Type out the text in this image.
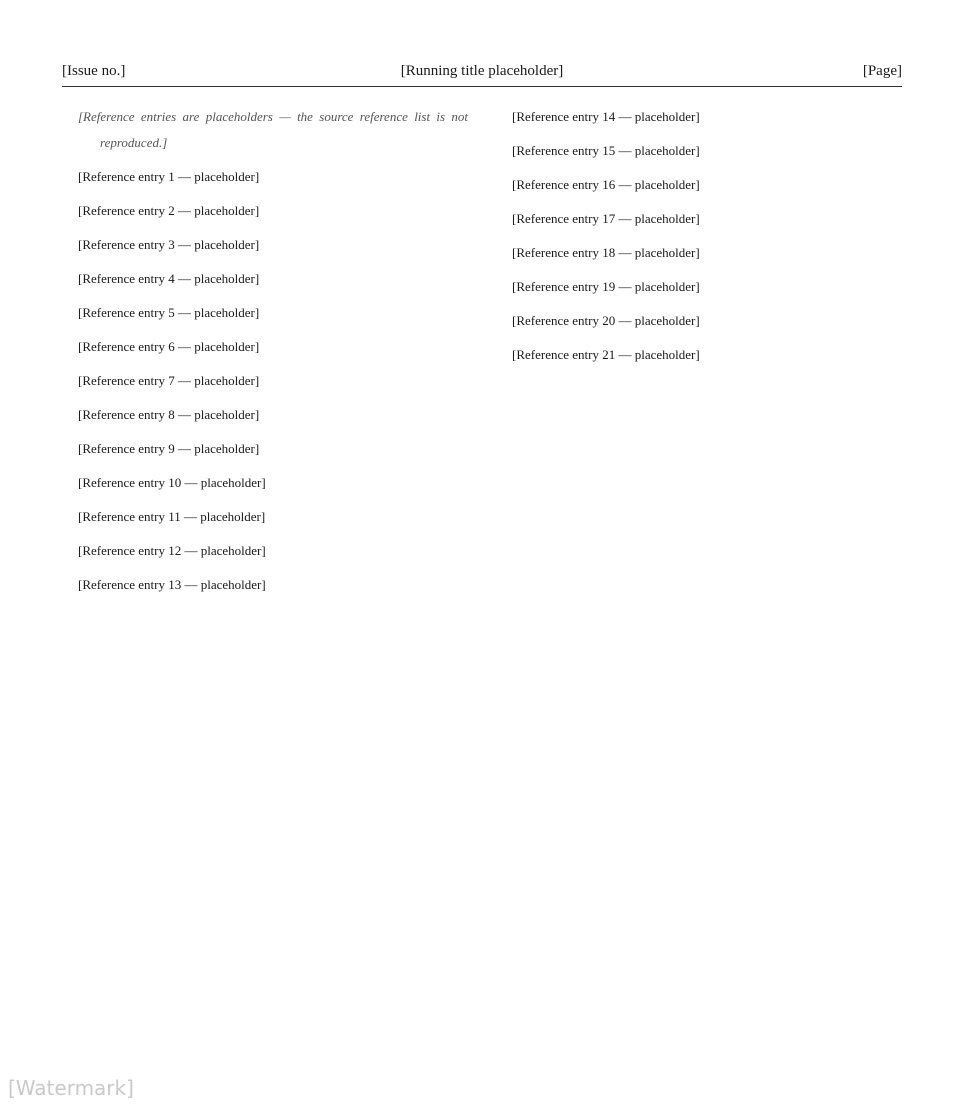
[Issue no.]	[Running title placeholder]	[Page]

[Reference entries are placeholders — the source reference list is not reproduced.]

[Reference entry 1 — placeholder]

[Reference entry 2 — placeholder]

[Reference entry 3 — placeholder]

[Reference entry 4 — placeholder]

[Reference entry 5 — placeholder]

[Reference entry 6 — placeholder]

[Reference entry 7 — placeholder]

[Reference entry 8 — placeholder]

[Reference entry 9 — placeholder]

[Reference entry 10 — placeholder]

[Reference entry 11 — placeholder]

[Reference entry 12 — placeholder]

[Reference entry 13 — placeholder]

[Reference entry 14 — placeholder]

[Reference entry 15 — placeholder]

[Reference entry 16 — placeholder]

[Reference entry 17 — placeholder]

[Reference entry 18 — placeholder]

[Reference entry 19 — placeholder]

[Reference entry 20 — placeholder]

[Reference entry 21 — placeholder]

[Watermark]
